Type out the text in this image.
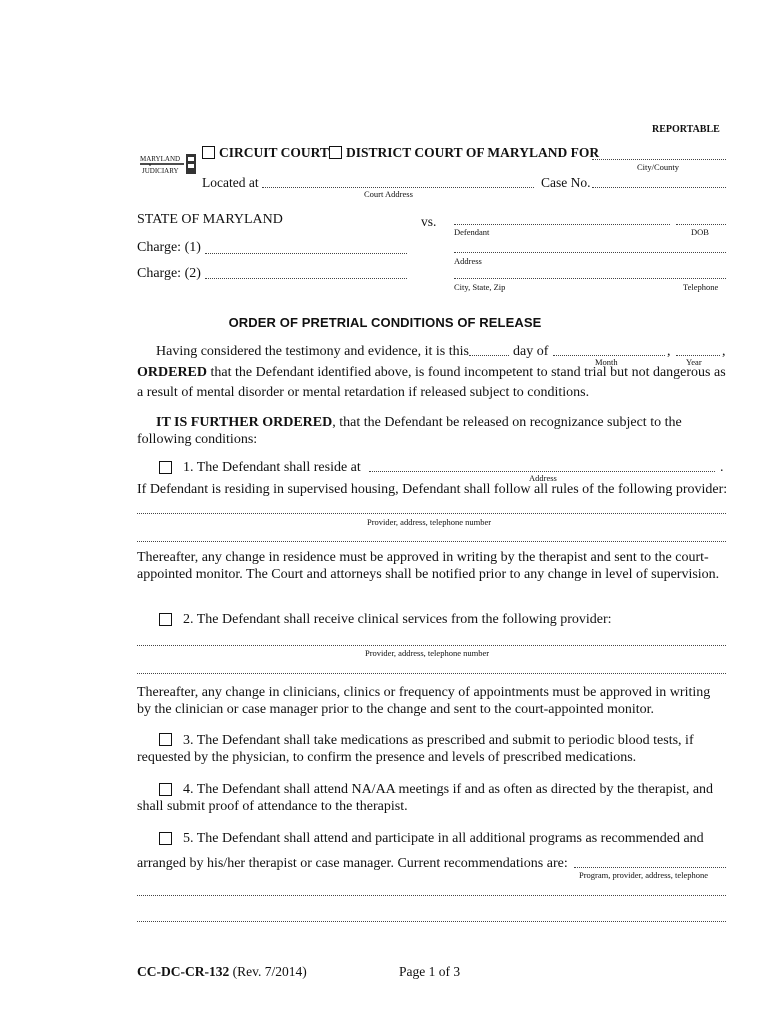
REPORTABLE
MARYLAND
JUDICIARY
CIRCUIT COURT DISTRICT COURT OF MARYLAND FOR
City/County
Located at
Court Address
Case No.
STATE OF MARYLAND	vs.
Defendant	DOB
Charge: (1)
Address
Charge: (2)
City, State, Zip	Telephone
ORDER OF PRETRIAL CONDITIONS OF RELEASE
Having considered the testimony and evidence, it is this	day of	,	,
Month	Year
ORDERED that the Defendant identified above, is found incompetent to stand trial but not dangerous as
a result of mental disorder or mental retardation if released subject to conditions.
IT IS FURTHER ORDERED, that the Defendant be released on recognizance subject to the
following conditions:
1. The Defendant shall reside at	.
Address
If Defendant is residing in supervised housing, Defendant shall follow all rules of the following provider:
Provider, address, telephone number
Thereafter, any change in residence must be approved in writing by the therapist and sent to the court-appointed monitor. The Court and attorneys shall be notified prior to any change in level of supervision.
2. The Defendant shall receive clinical services from the following provider:
Provider, address, telephone number
Thereafter, any change in clinicians, clinics or frequency of appointments must be approved in writing by the clinician or case manager prior to the change and sent to the court-appointed monitor.
3. The Defendant shall take medications as prescribed and submit to periodic blood tests, if
requested by the physician, to confirm the presence and levels of prescribed medications.
4. The Defendant shall attend NA/AA meetings if and as often as directed by the therapist, and
shall submit proof of attendance to the therapist.
5. The Defendant shall attend and participate in all additional programs as recommended and
arranged by his/her therapist or case manager. Current recommendations are:
Program, provider, address, telephone
CC-DC-CR-132 (Rev. 7/2014)	Page 1 of 3
